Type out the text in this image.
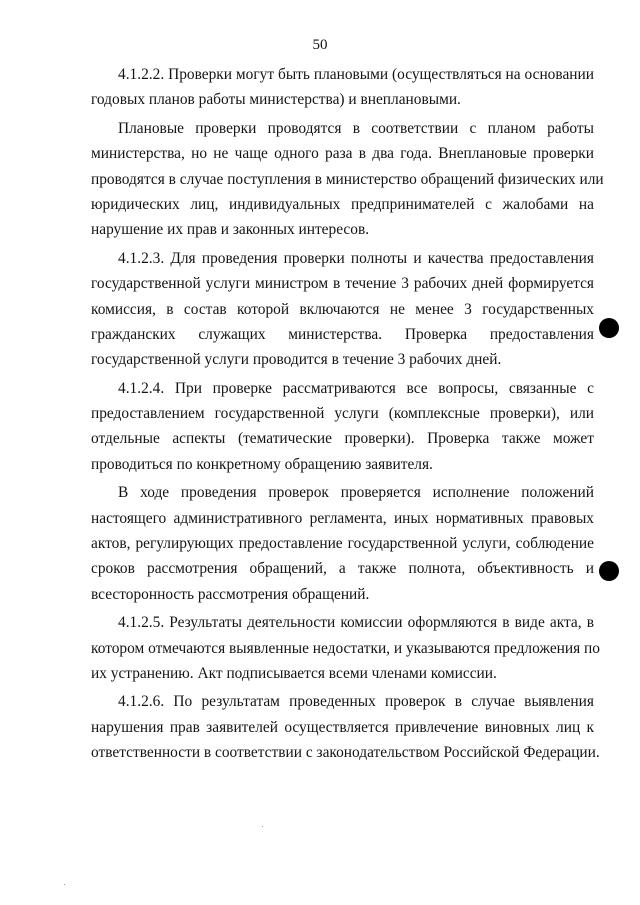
50
4.1.2.2. Проверки могут быть плановыми (осуществляться на основании
годовых планов работы министерства) и внеплановыми.
Плановые проверки проводятся в соответствии с планом работы
министерства, но не чаще одного раза в два года. Внеплановые проверки
проводятся в случае поступления в министерство обращений физических или
юридических лиц, индивидуальных предпринимателей с жалобами на
нарушение их прав и законных интересов.
4.1.2.3. Для проведения проверки полноты и качества предоставления
государственной услуги министром в течение 3 рабочих дней формируется
комиссия, в состав которой включаются не менее 3 государственных
гражданских служащих министерства. Проверка предоставления
государственной услуги проводится в течение 3 рабочих дней.
4.1.2.4. При проверке рассматриваются все вопросы, связанные с
предоставлением государственной услуги (комплексные проверки), или
отдельные аспекты (тематические проверки). Проверка также может
проводиться по конкретному обращению заявителя.
В ходе проведения проверок проверяется исполнение положений
настоящего административного регламента, иных нормативных правовых
актов, регулирующих предоставление государственной услуги, соблюдение
сроков рассмотрения обращений, а также полнота, объективность и
всесторонность рассмотрения обращений.
4.1.2.5. Результаты деятельности комиссии оформляются в виде акта, в
котором отмечаются выявленные недостатки, и указываются предложения по
их устранению. Акт подписывается всеми членами комиссии.
4.1.2.6. По результатам проведенных проверок в случае выявления
нарушения прав заявителей осуществляется привлечение виновных лиц к
ответственности в соответствии с законодательством Российской Федерации.
